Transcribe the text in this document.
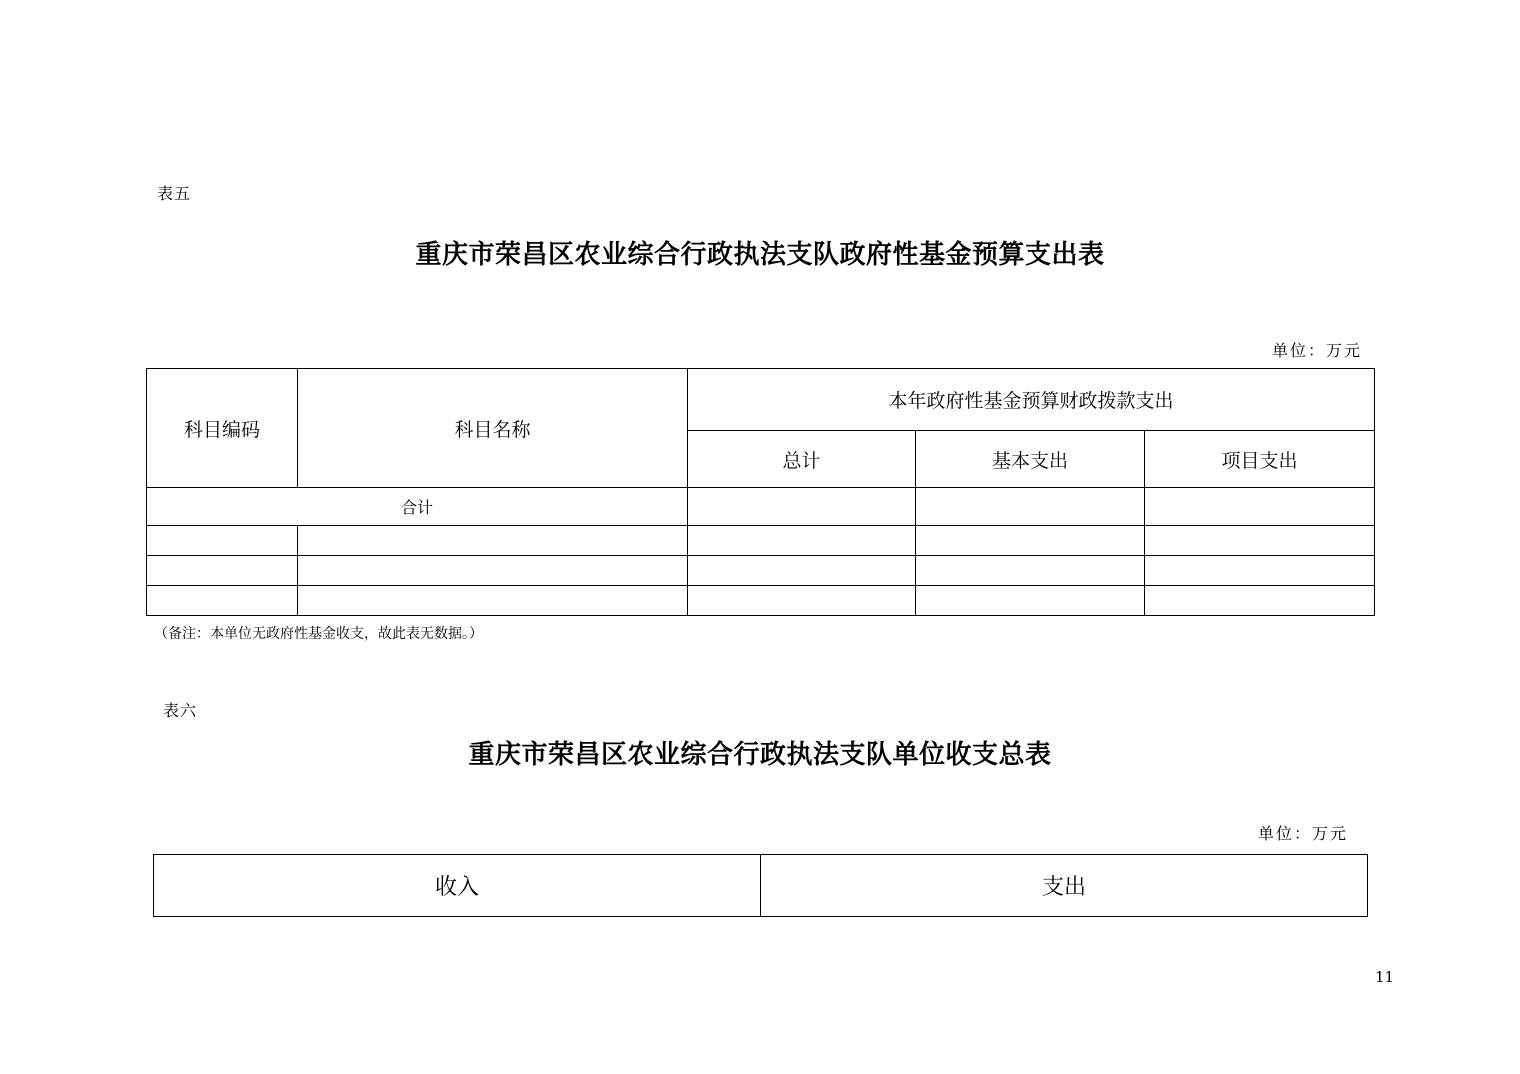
表五
重庆市荣昌区农业综合行政执法支队政府性基金预算支出表
单位：万元
科目编码	科目名称	本年政府性基金预算财政拨款支出		
		总计	基本支出	项目支出
合计				

（备注：本单位无政府性基金收支，故此表无数据。）
表六
重庆市荣昌区农业综合行政执法支队单位收支总表
单位：万元
收入	支出
11
